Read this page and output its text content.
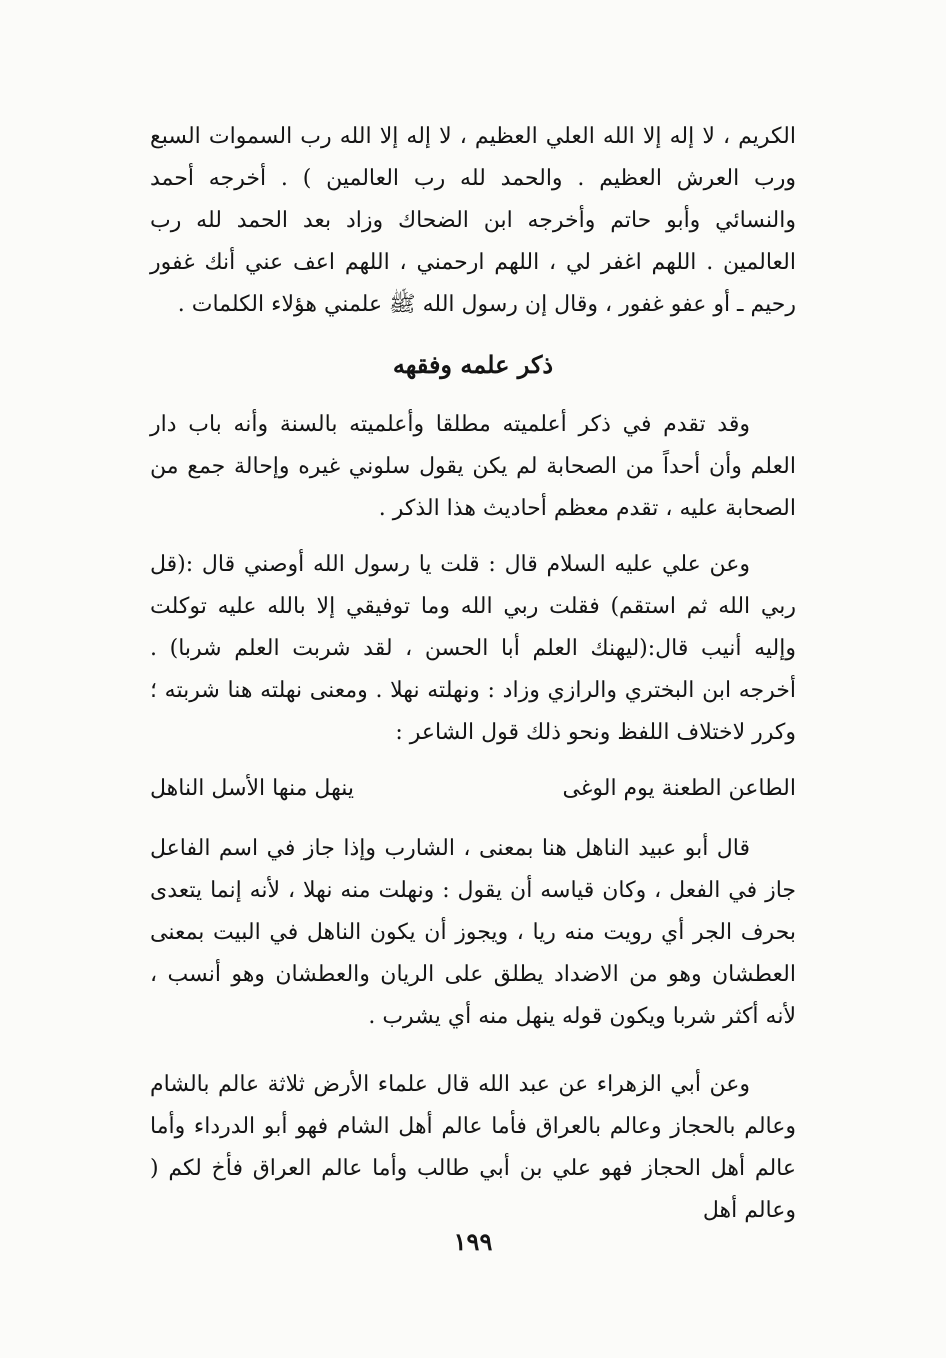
الكريم ، لا إله إلا الله العلي العظيم ، لا إله إلا الله رب السموات السبع ورب العرش العظيم . والحمد لله رب العالمين ) . أخرجه أحمد والنسائي وأبو حاتم وأخرجه ابن الضحاك وزاد بعد الحمد لله رب العالمين . اللهم اغفر لي ، اللهم ارحمني ، اللهم اعف عني أنك غفور رحيم ـ أو عفو غفور ، وقال إن رسول الله ﷺ علمني هؤلاء الكلمات .
ذكر علمه وفقهه
وقد تقدم في ذكر أعلميته مطلقا وأعلميته بالسنة وأنه باب دار العلم وأن أحداً من الصحابة لم يكن يقول سلوني غيره وإحالة جمع من الصحابة عليه ، تقدم معظم أحاديث هذا الذكر .
وعن علي عليه السلام قال : قلت يا رسول الله أوصني قال :(قل ربي الله ثم استقم) فقلت ربي الله وما توفيقي إلا بالله عليه توكلت وإليه أنيب قال:(ليهنك العلم أبا الحسن ، لقد شربت العلم شربا) . أخرجه ابن البختري والرازي وزاد : ونهلته نهلا . ومعنى نهلته هنا شربته ؛ وكرر لاختلاف اللفظ ونحو ذلك قول الشاعر :
الطاعن الطعنة يوم الوغى
ينهل منها الأسل الناهل
قال أبو عبيد الناهل هنا بمعنى ، الشارب وإذا جاز في اسم الفاعل جاز في الفعل ، وكان قياسه أن يقول : ونهلت منه نهلا ، لأنه إنما يتعدى بحرف الجر أي رويت منه ريا ، ويجوز أن يكون الناهل في البيت بمعنى العطشان وهو من الاضداد يطلق على الريان والعطشان وهو أنسب ، لأنه أكثر شربا ويكون قوله ينهل منه أي يشرب .
وعن أبي الزهراء عن عبد الله قال علماء الأرض ثلاثة عالم بالشام وعالم بالحجاز وعالم بالعراق فأما عالم أهل الشام فهو أبو الدرداء وأما عالم أهل الحجاز فهو علي بن أبي طالب وأما عالم العراق فأخ لكم ( وعالم أهل
١٩٩
